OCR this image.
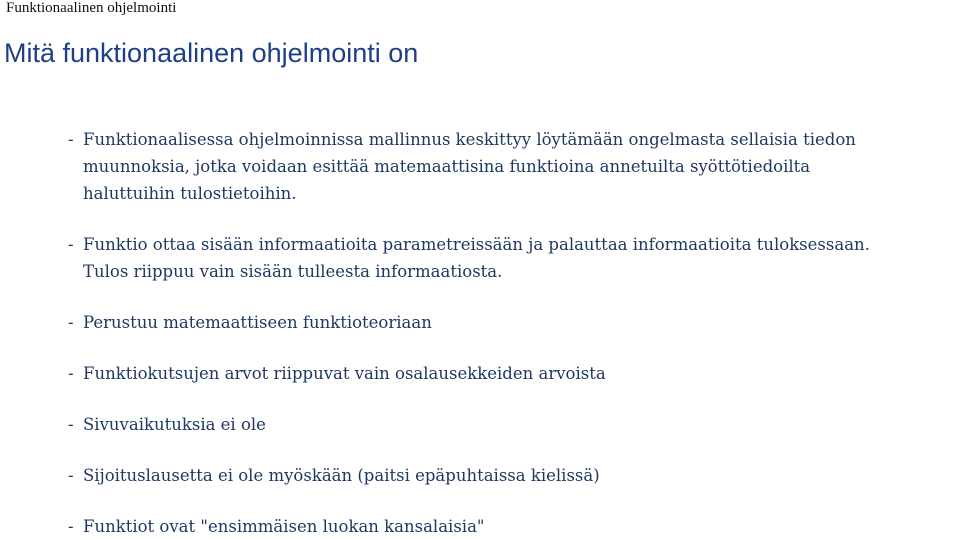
Funktionaalinen ohjelmointi
Mitä funktionaalinen ohjelmointi on
- Funktionaalisessa ohjelmoinnissa mallinnus keskittyy löytämään ongelmasta sellaisia tiedon
muunnoksia, jotka voidaan esittää matemaattisina funktioina annetuilta syöttötiedoilta
haluttuihin tulostietoihin.
- Funktio ottaa sisään informaatioita parametreissään ja palauttaa informaatioita tuloksessaan.
Tulos riippuu vain sisään tulleesta informaatiosta.
- Perustuu matemaattiseen funktioteoriaan
- Funktiokutsujen arvot riippuvat vain osalausekkeiden arvoista
- Sivuvaikutuksia ei ole
- Sijoituslausetta ei ole myöskään (paitsi epäpuhtaissa kielissä)
- Funktiot ovat "ensimmäisen luokan kansalaisia"
